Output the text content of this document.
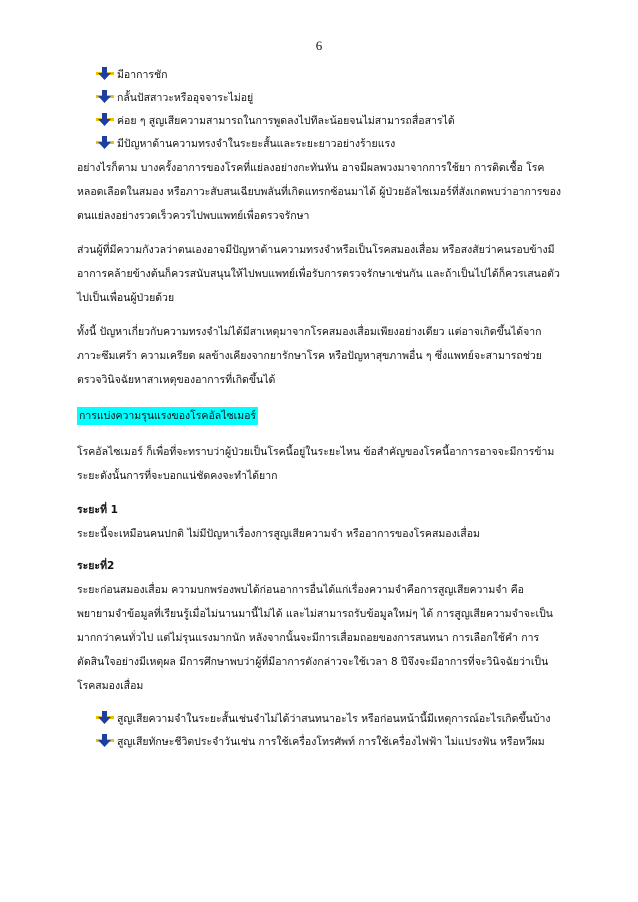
6
มีอาการชัก
กลั้นปัสสาวะหรืออุจจาระไม่อยู่
ค่อย ๆ สูญเสียความสามารถในการพูดลงไปทีละน้อยจนไม่สามารถสื่อสารได้
มีปัญหาด้านความทรงจำในระยะสั้นและระยะยาวอย่างร้ายแรง
อย่างไรก็ตาม บางครั้งอาการของโรคที่แย่ลงอย่างกะทันหัน อาจมีผลพวงมาจากการใช้ยา การติดเชื้อ โรค
หลอดเลือดในสมอง หรือภาวะสับสนเฉียบพลันที่เกิดแทรกซ้อนมาได้ ผู้ป่วยอัลไซเมอร์ที่สังเกตพบว่าอาการของ
ตนแย่ลงอย่างรวดเร็วควรไปพบแพทย์เพื่อตรวจรักษา
ส่วนผู้ที่มีความกังวลว่าตนเองอาจมีปัญหาด้านความทรงจำหรือเป็นโรคสมองเสื่อม หรือสงสัยว่าคนรอบข้างมี
อาการคล้ายข้างต้นก็ควรสนับสนุนให้ไปพบแพทย์เพื่อรับการตรวจรักษาเช่นกัน และถ้าเป็นไปได้ก็ควรเสนอตัว
ไปเป็นเพื่อนผู้ป่วยด้วย
ทั้งนี้ ปัญหาเกี่ยวกับความทรงจำไม่ได้มีสาเหตุมาจากโรคสมองเสื่อมเพียงอย่างเดียว แต่อาจเกิดขึ้นได้จาก
ภาวะซึมเศร้า ความเครียด ผลข้างเคียงจากยารักษาโรค หรือปัญหาสุขภาพอื่น ๆ ซึ่งแพทย์จะสามารถช่วย
ตรวจวินิจฉัยหาสาเหตุของอาการที่เกิดขึ้นได้
การแบ่งความรุนแรงของโรคอัลไซเมอร์
โรคอัลไซเมอร์ ก็เพื่อที่จะทราบว่าผู้ป่วยเป็นโรคนี้อยู่ในระยะไหน ข้อสำคัญของโรคนี้อาการอาจจะมีการข้าม
ระยะดังนั้นการที่จะบอกแน่ชัดคงจะทำได้ยาก
ระยะที่ 1
ระยะนี้จะเหมือนคนปกติ ไม่มีปัญหาเรื่องการสูญเสียความจำ หรืออาการของโรคสมองเสื่อม
ระยะที่2
ระยะก่อนสมองเสื่อม ความบกพร่องพบได้ก่อนอาการอื่นได้แก่เรื่องความจำคือการสูญเสียความจำ คือ
พยายามจำข้อมูลที่เรียนรู้เมื่อไม่นานมานี้ไม่ได้ และไม่สามารถรับข้อมูลใหม่ๆ ได้ การสูญเสียความจำจะเป็น
มากกว่าคนทั่วไป แต่ไม่รุนแรงมากนัก หลังจากนั้นจะมีการเสื่อมถอยของการสนทนา การเลือกใช้คำ การ
ตัดสินใจอย่างมีเหตุผล มีการศึกษาพบว่าผู้ที่มีอาการดังกล่าวจะใช้เวลา 8 ปีจึงจะมีอาการที่จะวินิจฉัยว่าเป็น
โรคสมองเสื่อม
สูญเสียความจำในระยะสั้นเช่นจำไม่ได้ว่าสนทนาอะไร หรือก่อนหน้านี้มีเหตุการณ์อะไรเกิดขึ้นบ้าง
สูญเสียทักษะชีวิตประจำวันเช่น การใช้เครื่องโทรศัพท์ การใช้เครื่องไฟฟ้า ไม่แปรงฟัน หรือหวีผม
